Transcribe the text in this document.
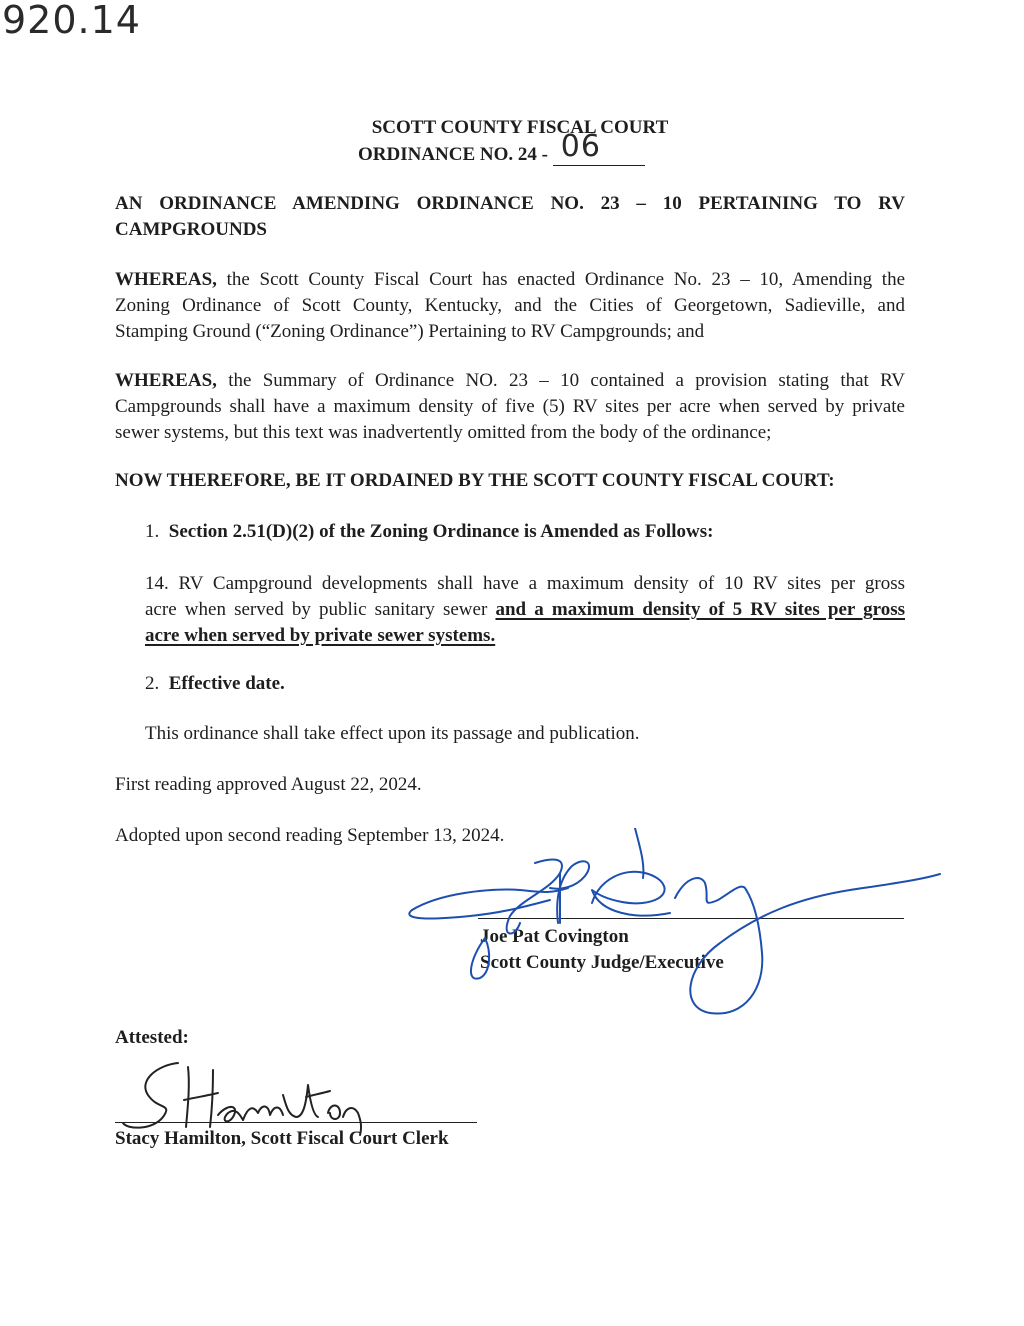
920.14
SCOTT COUNTY FISCAL COURT
ORDINANCE NO. 24 - 06
AN ORDINANCE AMENDING ORDINANCE NO. 23 – 10 PERTAINING TO RV
CAMPGROUNDS
WHEREAS, the Scott County Fiscal Court has enacted Ordinance No. 23 – 10, Amending the
Zoning Ordinance of Scott County, Kentucky, and the Cities of Georgetown, Sadieville, and
Stamping Ground (“Zoning Ordinance”) Pertaining to RV Campgrounds; and
WHEREAS, the Summary of Ordinance NO. 23 – 10 contained a provision stating that RV
Campgrounds shall have a maximum density of five (5) RV sites per acre when served by private
sewer systems, but this text was inadvertently omitted from the body of the ordinance;
NOW THEREFORE, BE IT ORDAINED BY THE SCOTT COUNTY FISCAL COURT:
1. Section 2.51(D)(2) of the Zoning Ordinance is Amended as Follows:
14. RV Campground developments shall have a maximum density of 10 RV sites per gross
acre when served by public sanitary sewer and a maximum density of 5 RV sites per gross
acre when served by private sewer systems.
2. Effective date.
This ordinance shall take effect upon its passage and publication.
First reading approved August 22, 2024.
Adopted upon second reading September 13, 2024.
Joe Pat Covington
Scott County Judge/Executive
Attested:
Stacy Hamilton, Scott Fiscal Court Clerk
